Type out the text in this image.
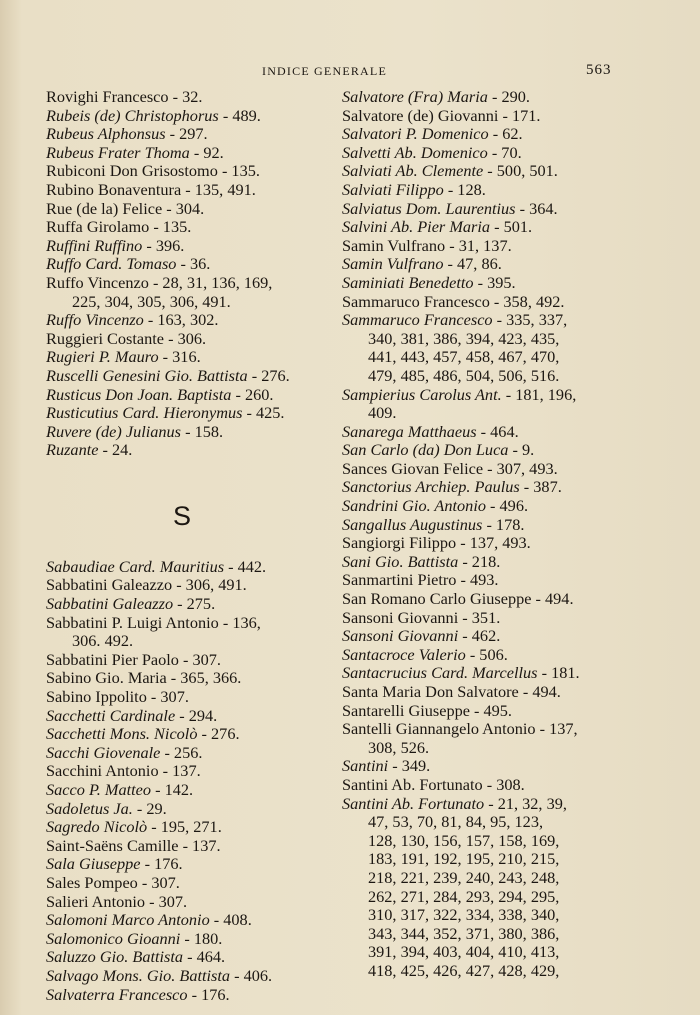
INDICE GENERALE	563
Rovighi Francesco - 32.
Rubeis (de) Christophorus - 489.
Rubeus Alphonsus - 297.
Rubeus Frater Thoma - 92.
Rubiconi Don Grisostomo - 135.
Rubino Bonaventura - 135, 491.
Rue (de la) Felice - 304.
Ruffa Girolamo - 135.
Ruffini Ruffino - 396.
Ruffo Card. Tomaso - 36.
Ruffo Vincenzo - 28, 31, 136, 169,
225, 304, 305, 306, 491.
Ruffo Vincenzo - 163, 302.
Ruggieri Costante - 306.
Rugieri P. Mauro - 316.
Ruscelli Genesini Gio. Battista - 276.
Rusticus Don Joan. Baptista - 260.
Rusticutius Card. Hieronymus - 425.
Ruvere (de) Julianus - 158.
Ruzante - 24.
S
Sabaudiae Card. Mauritius - 442.
Sabbatini Galeazzo - 306, 491.
Sabbatini Galeazzo - 275.
Sabbatini P. Luigi Antonio - 136,
306. 492.
Sabbatini Pier Paolo - 307.
Sabino Gio. Maria - 365, 366.
Sabino Ippolito - 307.
Sacchetti Cardinale - 294.
Sacchetti Mons. Nicolò - 276.
Sacchi Giovenale - 256.
Sacchini Antonio - 137.
Sacco P. Matteo - 142.
Sadoletus Ja. - 29.
Sagredo Nicolò - 195, 271.
Saint-Saëns Camille - 137.
Sala Giuseppe - 176.
Sales Pompeo - 307.
Salieri Antonio - 307.
Salomoni Marco Antonio - 408.
Salomonico Gioanni - 180.
Saluzzo Gio. Battista - 464.
Salvago Mons. Gio. Battista - 406.
Salvaterra Francesco - 176.
Salvatore (Fra) Maria - 290.
Salvatore (de) Giovanni - 171.
Salvatori P. Domenico - 62.
Salvetti Ab. Domenico - 70.
Salviati Ab. Clemente - 500, 501.
Salviati Filippo - 128.
Salviatus Dom. Laurentius - 364.
Salvini Ab. Pier Maria - 501.
Samin Vulfrano - 31, 137.
Samin Vulfrano - 47, 86.
Saminiati Benedetto - 395.
Sammaruco Francesco - 358, 492.
Sammaruco Francesco - 335, 337,
340, 381, 386, 394, 423, 435,
441, 443, 457, 458, 467, 470,
479, 485, 486, 504, 506, 516.
Sampierius Carolus Ant. - 181, 196,
409.
Sanarega Matthaeus - 464.
San Carlo (da) Don Luca - 9.
Sances Giovan Felice - 307, 493.
Sanctorius Archiep. Paulus - 387.
Sandrini Gio. Antonio - 496.
Sangallus Augustinus - 178.
Sangiorgi Filippo - 137, 493.
Sani Gio. Battista - 218.
Sanmartini Pietro - 493.
San Romano Carlo Giuseppe - 494.
Sansoni Giovanni - 351.
Sansoni Giovanni - 462.
Santacroce Valerio - 506.
Santacrucius Card. Marcellus - 181.
Santa Maria Don Salvatore - 494.
Santarelli Giuseppe - 495.
Santelli Giannangelo Antonio - 137,
308, 526.
Santini - 349.
Santini Ab. Fortunato - 308.
Santini Ab. Fortunato - 21, 32, 39,
47, 53, 70, 81, 84, 95, 123,
128, 130, 156, 157, 158, 169,
183, 191, 192, 195, 210, 215,
218, 221, 239, 240, 243, 248,
262, 271, 284, 293, 294, 295,
310, 317, 322, 334, 338, 340,
343, 344, 352, 371, 380, 386,
391, 394, 403, 404, 410, 413,
418, 425, 426, 427, 428, 429,
